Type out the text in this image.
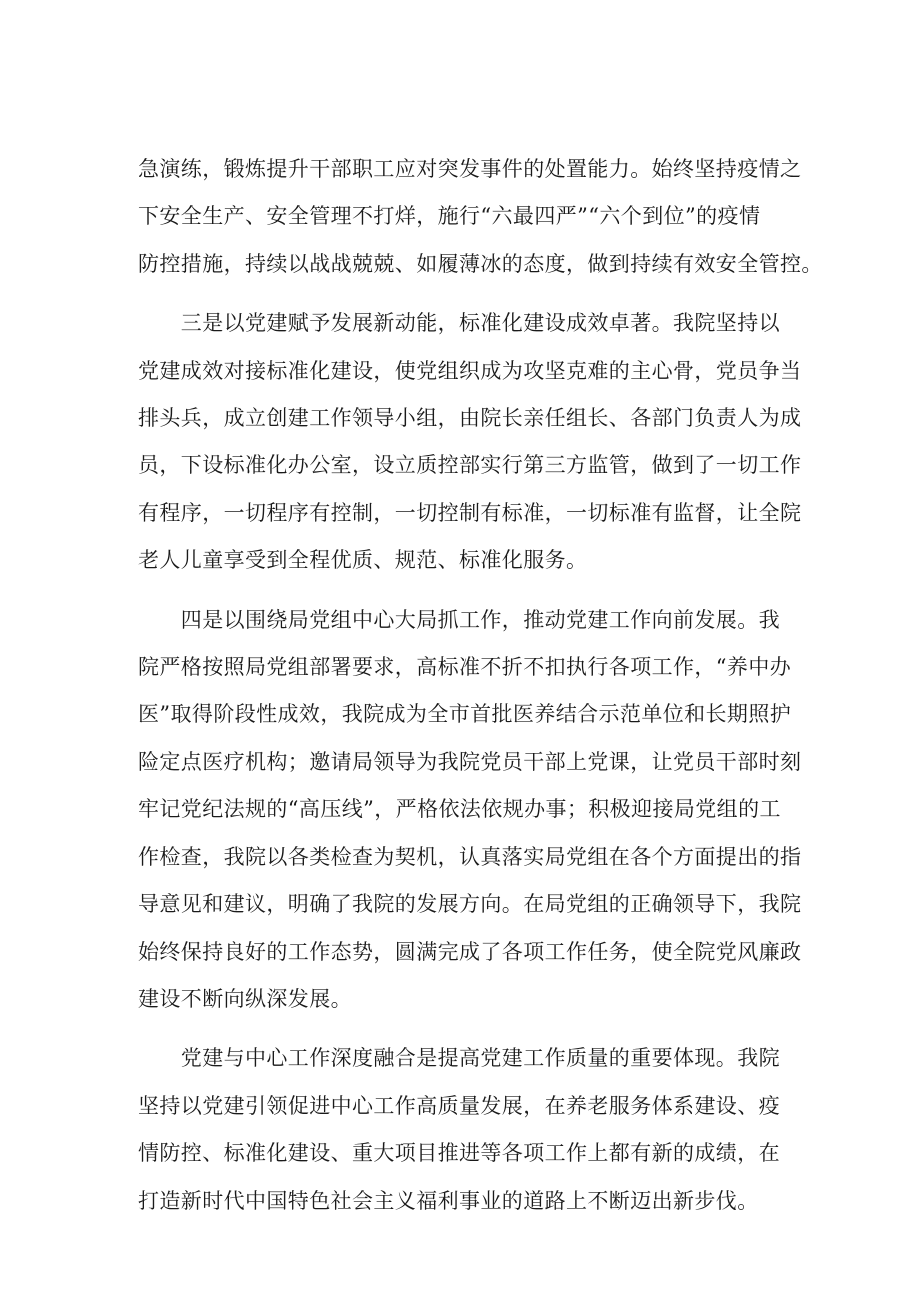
急演练，锻炼提升干部职工应对突发事件的处置能力。始终坚持疫情之
下安全生产、安全管理不打烊，施行“六最四严”“六个到位”的疫情
防控措施，持续以战战兢兢、如履薄冰的态度，做到持续有效安全管控。

　　三是以党建赋予发展新动能，标准化建设成效卓著。我院坚持以
党建成效对接标准化建设，使党组织成为攻坚克难的主心骨，党员争当
排头兵，成立创建工作领导小组，由院长亲任组长、各部门负责人为成
员，下设标准化办公室，设立质控部实行第三方监管，做到了一切工作
有程序，一切程序有控制，一切控制有标准，一切标准有监督，让全院
老人儿童享受到全程优质、规范、标准化服务。

　　四是以围绕局党组中心大局抓工作，推动党建工作向前发展。我
院严格按照局党组部署要求，高标准不折不扣执行各项工作，“养中办
医”取得阶段性成效，我院成为全市首批医养结合示范单位和长期照护
险定点医疗机构；邀请局领导为我院党员干部上党课，让党员干部时刻
牢记党纪法规的“高压线”，严格依法依规办事；积极迎接局党组的工
作检查，我院以各类检查为契机，认真落实局党组在各个方面提出的指
导意见和建议，明确了我院的发展方向。在局党组的正确领导下，我院
始终保持良好的工作态势，圆满完成了各项工作任务，使全院党风廉政
建设不断向纵深发展。

　　党建与中心工作深度融合是提高党建工作质量的重要体现。我院
坚持以党建引领促进中心工作高质量发展，在养老服务体系建设、疫
情防控、标准化建设、重大项目推进等各项工作上都有新的成绩，在
打造新时代中国特色社会主义福利事业的道路上不断迈出新步伐。
